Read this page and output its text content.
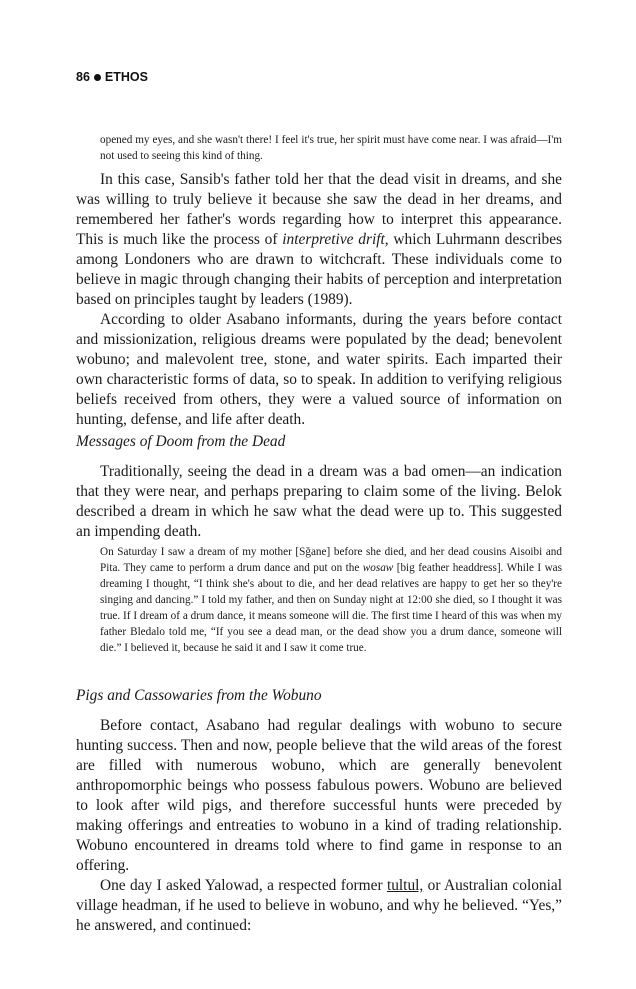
86 ETHOS

opened my eyes, and she wasn't there! I feel it's true, her spirit must have come near. I was afraid—I'm not used to seeing this kind of thing.

In this case, Sansib's father told her that the dead visit in dreams, and she was willing to truly believe it because she saw the dead in her dreams, and remembered her father's words regarding how to interpret this appearance. This is much like the process of interpretive drift, which Luhrmann describes among Londoners who are drawn to witchcraft. These individuals come to believe in magic through changing their habits of perception and interpretation based on principles taught by leaders (1989).

According to older Asabano informants, during the years before contact and missionization, religious dreams were populated by the dead; benevolent wobuno; and malevolent tree, stone, and water spirits. Each imparted their own characteristic forms of data, so to speak. In addition to verifying religious beliefs received from others, they were a valued source of information on hunting, defense, and life after death.

Messages of Doom from the Dead

Traditionally, seeing the dead in a dream was a bad omen—an indication that they were near, and perhaps preparing to claim some of the living. Belok described a dream in which he saw what the dead were up to. This suggested an impending death.

On Saturday I saw a dream of my mother [Sğane] before she died, and her dead cousins Aisoibi and Pita. They came to perform a drum dance and put on the wosaw [big feather headdress]. While I was dreaming I thought, “I think she's about to die, and her dead relatives are happy to get her so they're singing and dancing.” I told my father, and then on Sunday night at 12:00 she died, so I thought it was true. If I dream of a drum dance, it means someone will die. The first time I heard of this was when my father Bledalo told me, “If you see a dead man, or the dead show you a drum dance, someone will die.” I believed it, because he said it and I saw it come true.

Pigs and Cassowaries from the Wobuno

Before contact, Asabano had regular dealings with wobuno to secure hunting success. Then and now, people believe that the wild areas of the forest are filled with numerous wobuno, which are generally benevolent anthropomorphic beings who possess fabulous powers. Wobuno are believed to look after wild pigs, and therefore successful hunts were preceded by making offerings and entreaties to wobuno in a kind of trading relationship. Wobuno encountered in dreams told where to find game in response to an offering.

One day I asked Yalowad, a respected former tultul, or Australian colonial village headman, if he used to believe in wobuno, and why he believed. “Yes,” he answered, and continued:
